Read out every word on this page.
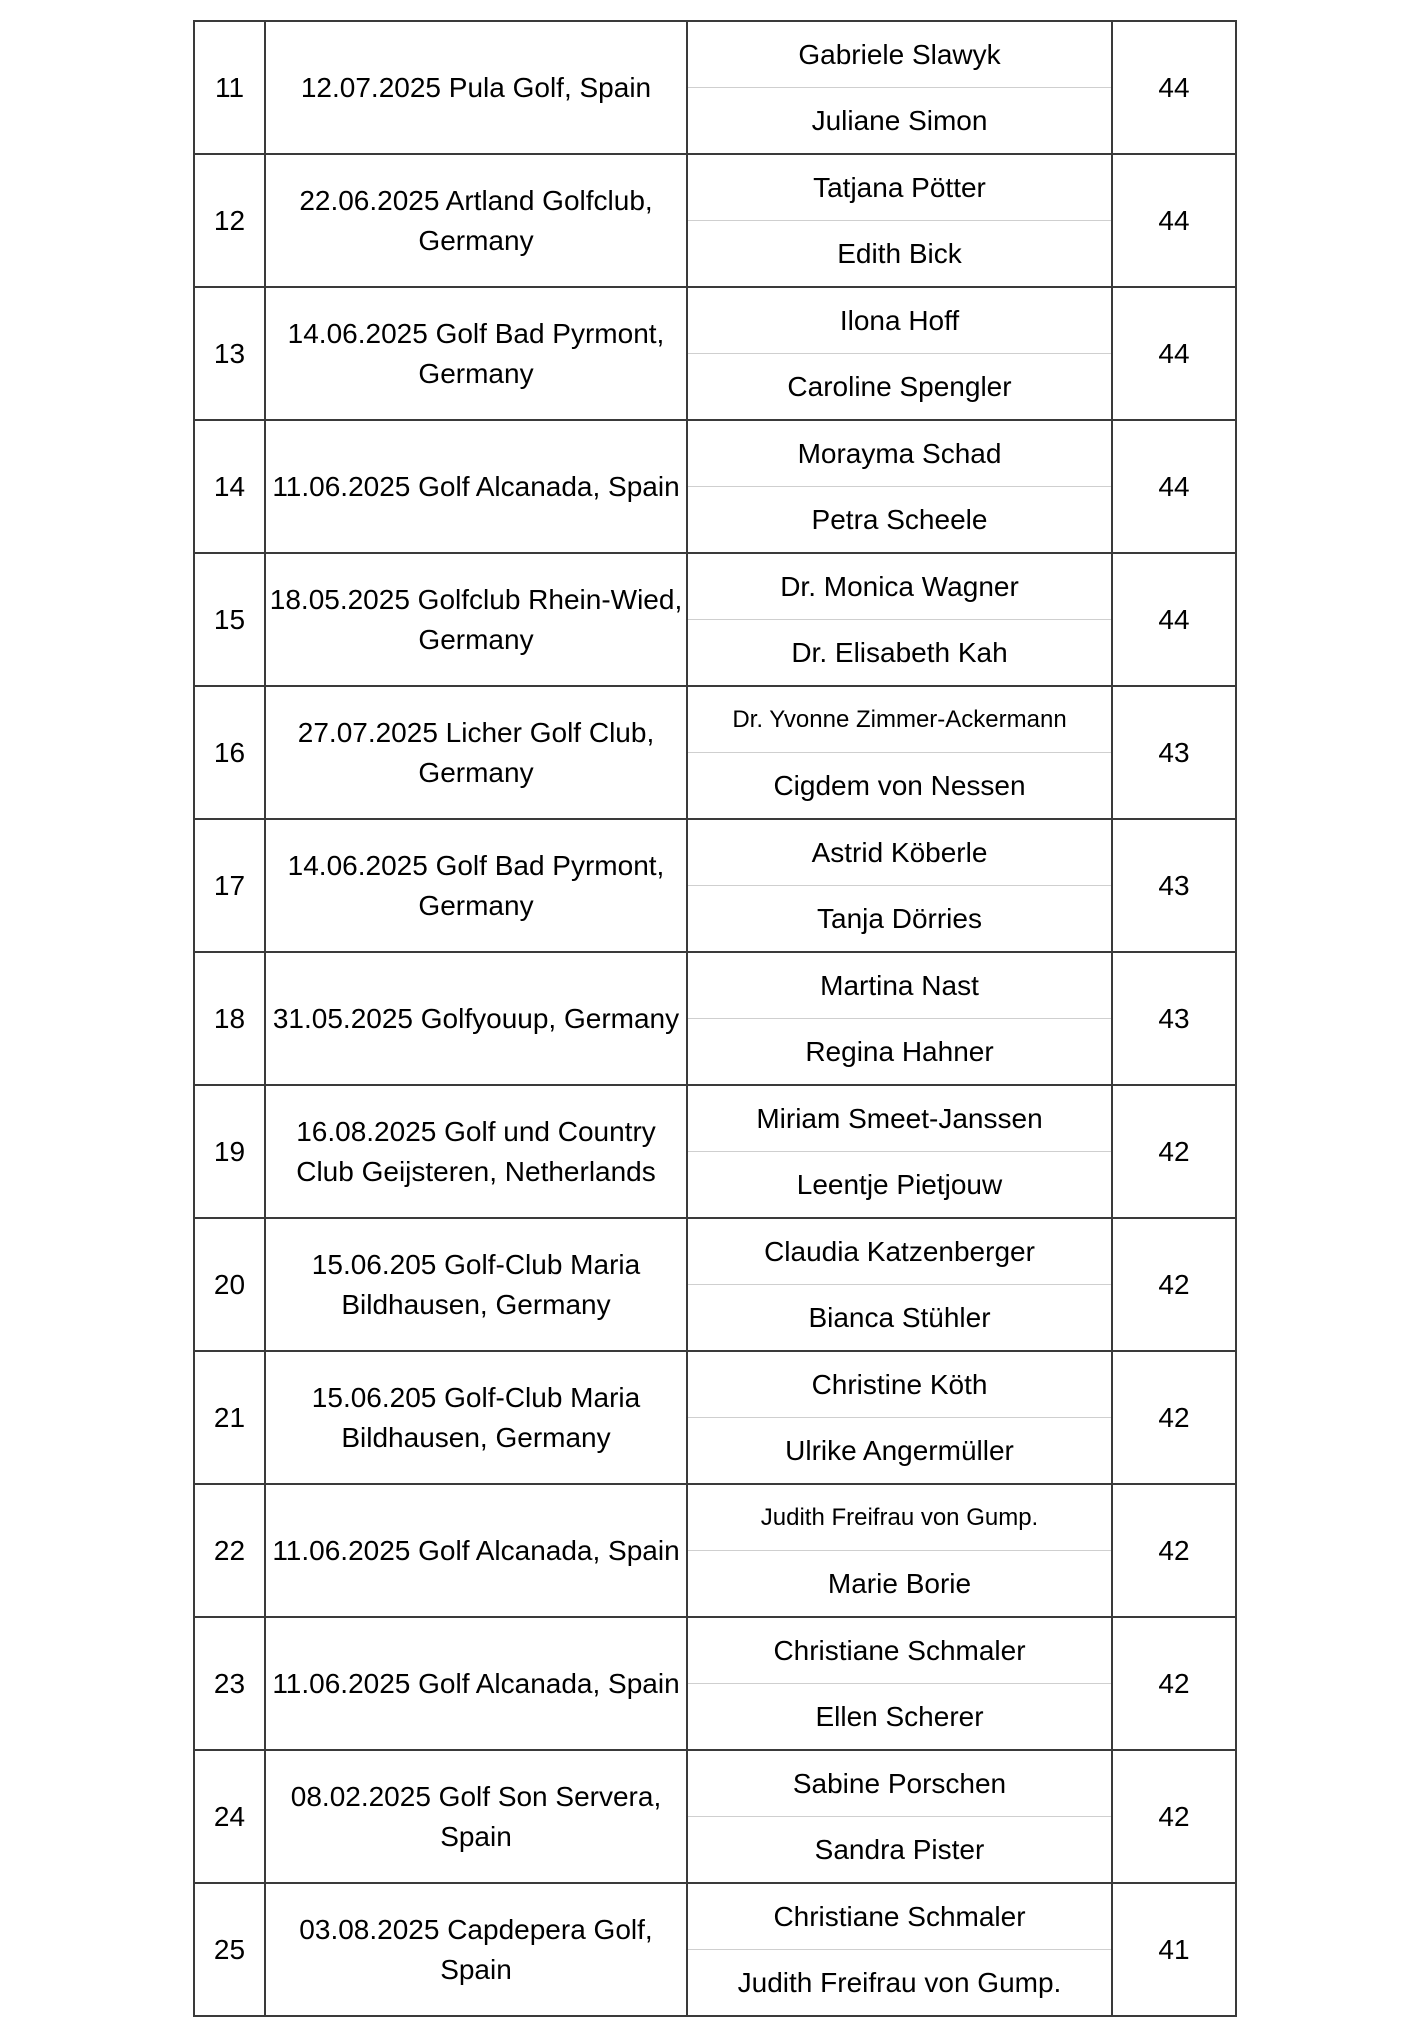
11	12.07.2025 Pula Golf, Spain	Gabriele Slawyk	44
		Juliane Simon	
12	22.06.2025 Artland Golfclub, Germany	Tatjana Pötter	44
		Edith Bick	
13	14.06.2025 Golf Bad Pyrmont, Germany	Ilona Hoff	44
		Caroline Spengler	
14	11.06.2025 Golf Alcanada, Spain	Morayma Schad	44
		Petra Scheele	
15	18.05.2025 Golfclub Rhein-Wied, Germany	Dr. Monica Wagner	44
		Dr. Elisabeth Kah	
16	27.07.2025 Licher Golf Club, Germany	Dr. Yvonne Zimmer-Ackermann	43
		Cigdem von Nessen	
17	14.06.2025 Golf Bad Pyrmont, Germany	Astrid Köberle	43
		Tanja Dörries	
18	31.05.2025 Golfyouup, Germany	Martina Nast	43
		Regina Hahner	
19	16.08.2025 Golf und Country Club Geijsteren, Netherlands	Miriam Smeet-Janssen	42
		Leentje Pietjouw	
20	15.06.205 Golf-Club Maria Bildhausen, Germany	Claudia Katzenberger	42
		Bianca Stühler	
21	15.06.205 Golf-Club Maria Bildhausen, Germany	Christine Köth	42
		Ulrike Angermüller	
22	11.06.2025 Golf Alcanada, Spain	Judith Freifrau von Gump.	42
		Marie Borie	
23	11.06.2025 Golf Alcanada, Spain	Christiane Schmaler	42
		Ellen Scherer	
24	08.02.2025 Golf Son Servera, Spain	Sabine Porschen	42
		Sandra Pister	
25	03.08.2025 Capdepera Golf, Spain	Christiane Schmaler	41
		Judith Freifrau von Gump.	
